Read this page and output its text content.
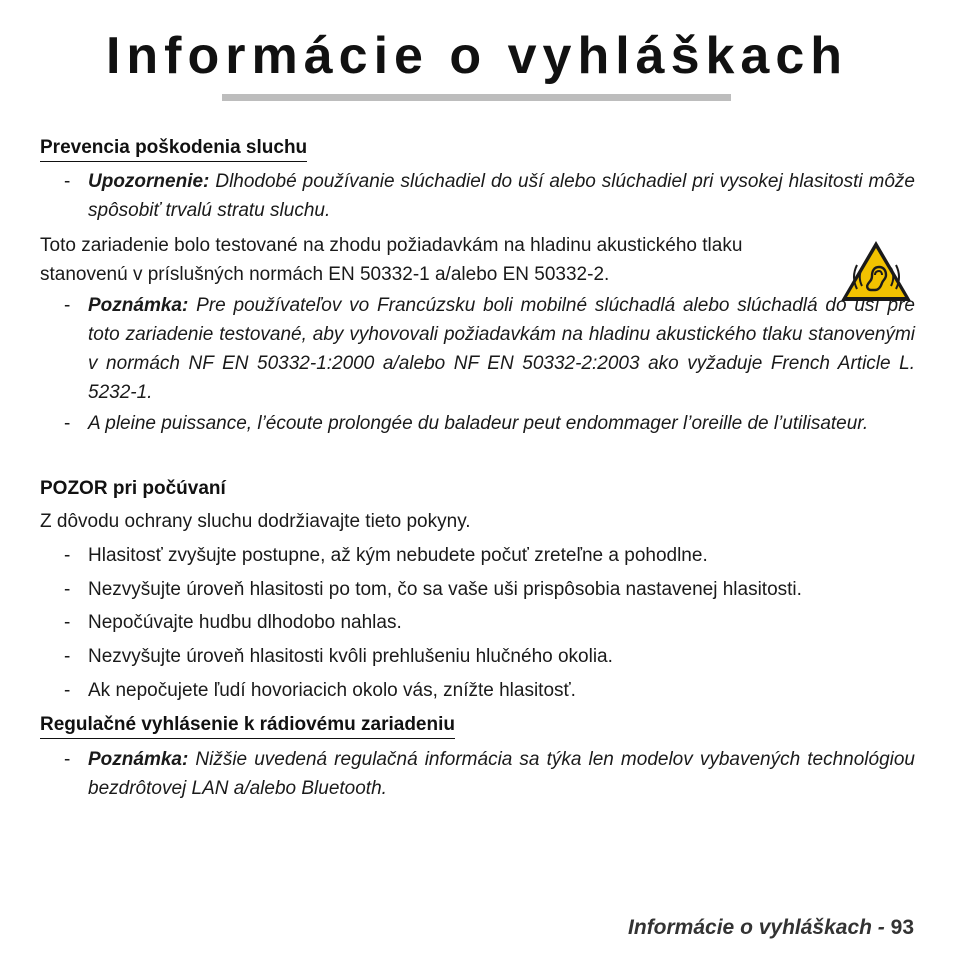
Informácie o vyhláškach
Prevencia poškodenia sluchu
- Upozornenie: Dlhodobé používanie slúchadiel do uší alebo slúchadiel pri vysokej hlasitosti môže spôsobiť trvalú stratu sluchu.

Toto zariadenie bolo testované na zhodu požiadavkám na hladinu akustického tlaku stanovenú v príslušných normách EN 50332-1 a/alebo EN 50332-2.

- Poznámka: Pre používateľov vo Francúzsku boli mobilné slúchadlá alebo slúchadlá do uší pre toto zariadenie testované, aby vyhovovali požiadavkám na hladinu akustického tlaku stanovenými v normách NF EN 50332-1:2000 a/alebo NF EN 50332-2:2003 ako vyžaduje French Article L. 5232-1.
- A pleine puissance, l’écoute prolongée du baladeur peut endommager l’oreille de l’utilisateur.
POZOR pri počúvaní

Z dôvodu ochrany sluchu dodržiavajte tieto pokyny.

- Hlasitosť zvyšujte postupne, až kým nebudete počuť zreteľne a pohodlne.
- Nezvyšujte úroveň hlasitosti po tom, čo sa vaše uši prispôsobia nastavenej hlasitosti.
- Nepočúvajte hudbu dlhodobo nahlas.
- Nezvyšujte úroveň hlasitosti kvôli prehlušeniu hlučného okolia.
- Ak nepočujete ľudí hovoriacich okolo vás, znížte hlasitosť.
Regulačné vyhlásenie k rádiovému zariadeniu
- Poznámka: Nižšie uvedená regulačná informácia sa týka len modelov vybavených technológiou bezdrôtovej LAN a/alebo Bluetooth.
Informácie o vyhláškach - 93
